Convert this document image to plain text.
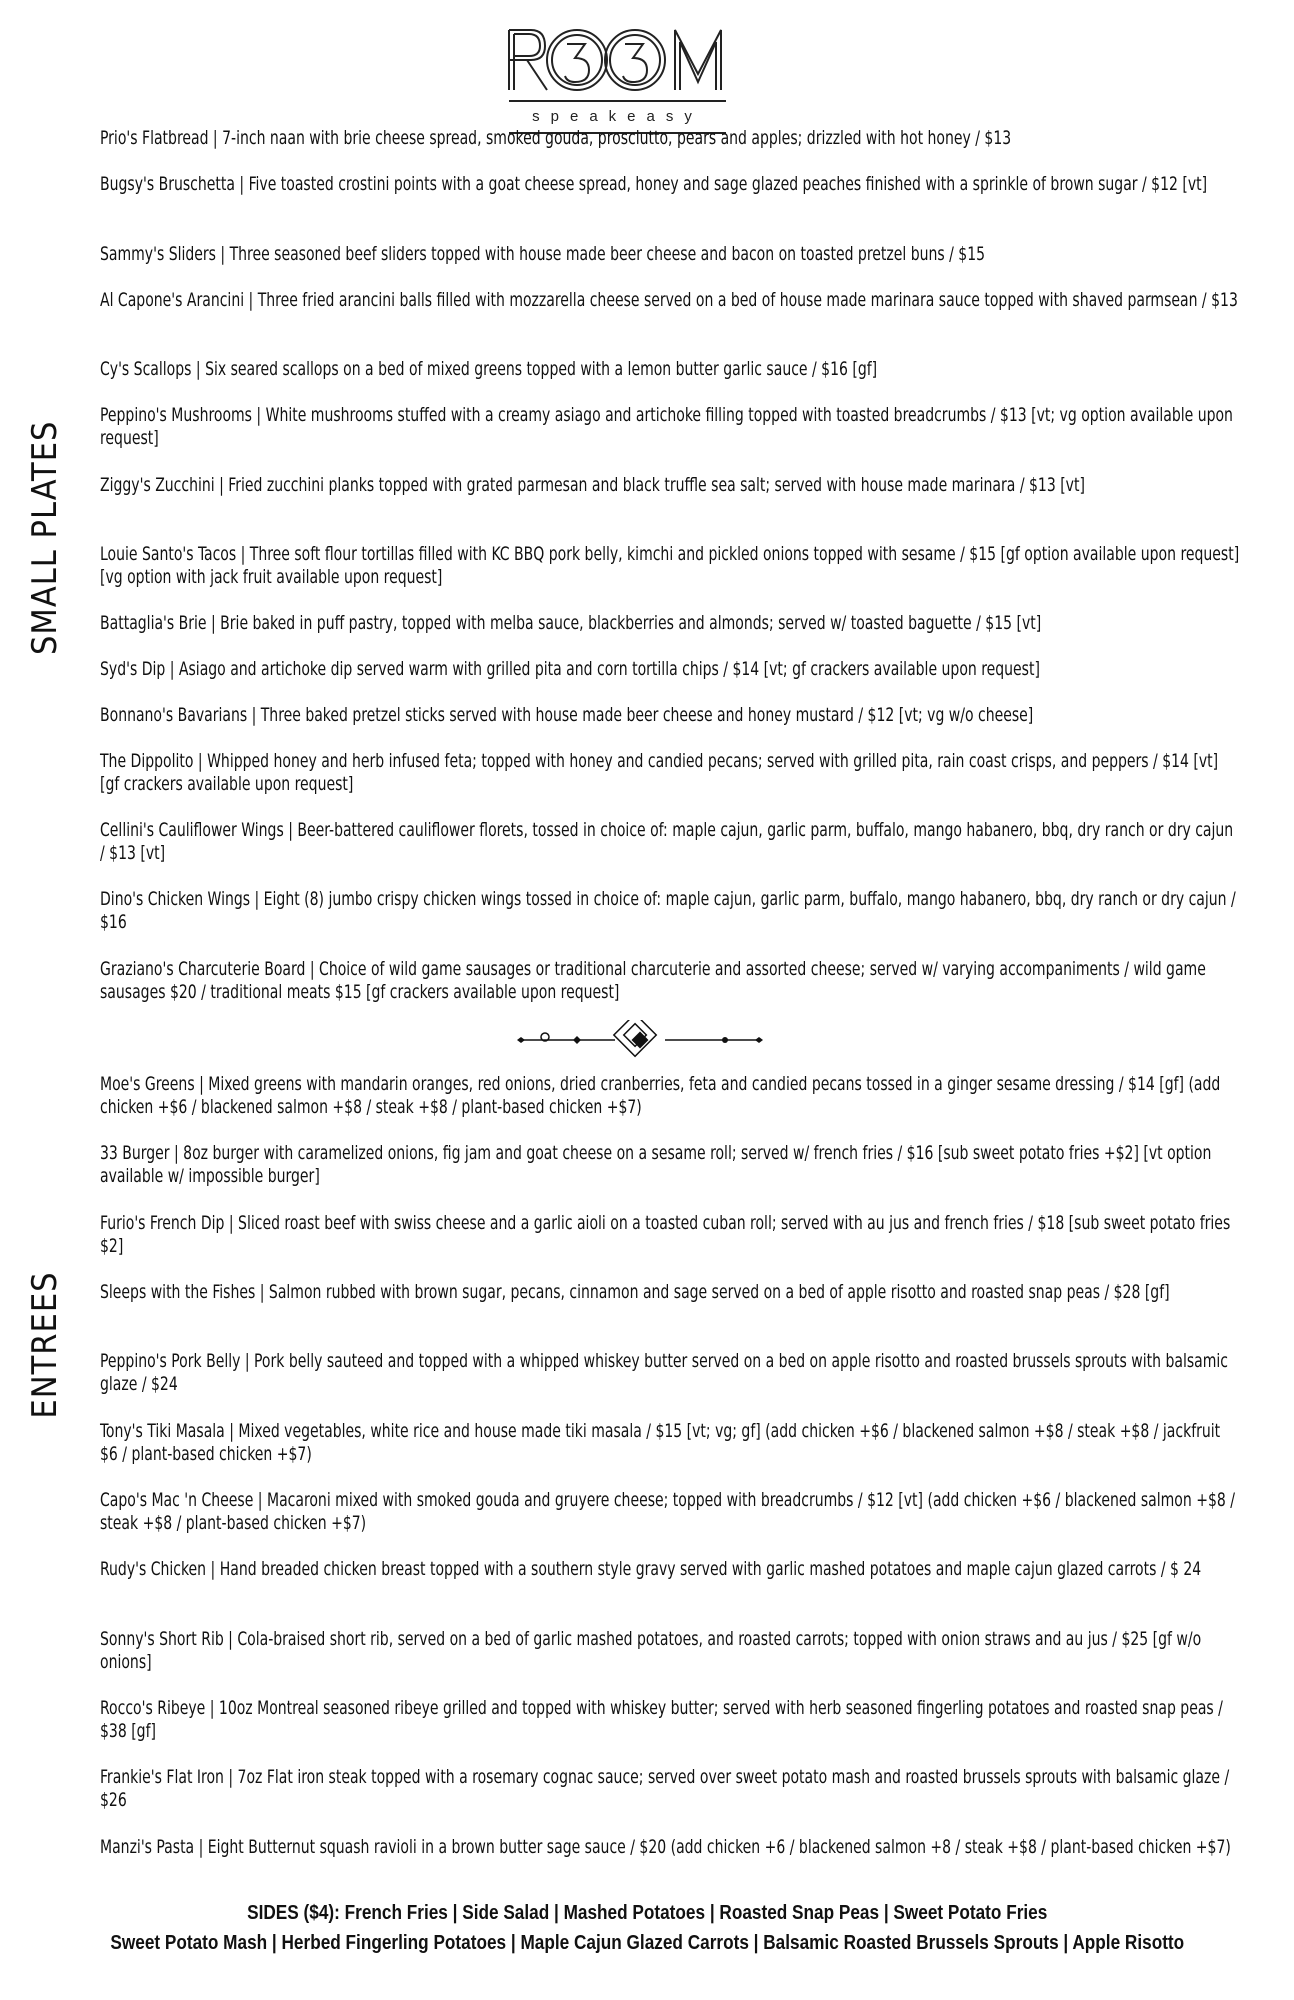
speakeasy
SMALL PLATES
ENTREES

Prio's Flatbread | 7-inch naan with brie cheese spread, smoked gouda, prosciutto, pears and apples; drizzled with hot honey / $13

Bugsy's Bruschetta | Five toasted crostini points with a goat cheese spread, honey and sage glazed peaches finished with a sprinkle of brown sugar / $12 [vt]

Sammy's Sliders | Three seasoned beef sliders topped with house made beer cheese and bacon on toasted pretzel buns / $15

Al Capone's Arancini | Three fried arancini balls filled with mozzarella cheese served on a bed of house made marinara sauce topped with shaved parmsean / $13

Cy's Scallops | Six seared scallops on a bed of mixed greens topped with a lemon butter garlic sauce / $16 [gf]

Peppino's Mushrooms | White mushrooms stuffed with a creamy asiago and artichoke filling topped with toasted breadcrumbs / $13 [vt; vg option available upon request]

Ziggy's Zucchini | Fried zucchini planks topped with grated parmesan and black truffle sea salt; served with house made marinara / $13 [vt]

Louie Santo's Tacos | Three soft flour tortillas filled with KC BBQ pork belly, kimchi and pickled onions topped with sesame / $15 [gf option available upon request] [vg option with jack fruit available upon request]

Battaglia's Brie | Brie baked in puff pastry, topped with melba sauce, blackberries and almonds; served w/ toasted baguette / $15 [vt]

Syd's Dip | Asiago and artichoke dip served warm with grilled pita and corn tortilla chips / $14 [vt; gf crackers available upon request]

Bonnano's Bavarians | Three baked pretzel sticks served with house made beer cheese and honey mustard / $12 [vt; vg w/o cheese]

The Dippolito | Whipped honey and herb infused feta; topped with honey and candied pecans; served with grilled pita, rain coast crisps, and peppers / $14 [vt] [gf crackers available upon request]

Cellini's Cauliflower Wings | Beer-battered cauliflower florets, tossed in choice of: maple cajun, garlic parm, buffalo, mango habanero, bbq, dry ranch or dry cajun / $13 [vt]

Dino's Chicken Wings | Eight (8) jumbo crispy chicken wings tossed in choice of: maple cajun, garlic parm, buffalo, mango habanero, bbq, dry ranch or dry cajun / $16

Graziano's Charcuterie Board | Choice of wild game sausages or traditional charcuterie and assorted cheese; served w/ varying accompaniments / wild game sausages $20 / traditional meats $15 [gf crackers available upon request]

Moe's Greens | Mixed greens with mandarin oranges, red onions, dried cranberries, feta and candied pecans tossed in a ginger sesame dressing / $14 [gf] (add chicken +$6 / blackened salmon +$8 / steak +$8 / plant-based chicken +$7)

33 Burger | 8oz burger with caramelized onions, fig jam and goat cheese on a sesame roll; served w/ french fries / $16 [sub sweet potato fries +$2] [vt option available w/ impossible burger]

Furio's French Dip | Sliced roast beef with swiss cheese and a garlic aioli on a toasted cuban roll; served with au jus and french fries / $18 [sub sweet potato fries $2]

Sleeps with the Fishes | Salmon rubbed with brown sugar, pecans, cinnamon and sage served on a bed of apple risotto and roasted snap peas / $28 [gf]

Peppino's Pork Belly | Pork belly sauteed and topped with a whipped whiskey butter served on a bed on apple risotto and roasted brussels sprouts with balsamic glaze / $24

Tony's Tiki Masala | Mixed vegetables, white rice and house made tiki masala / $15 [vt; vg; gf] (add chicken +$6 / blackened salmon +$8 / steak +$8 / jackfruit $6 / plant-based chicken +$7)

Capo's Mac 'n Cheese | Macaroni mixed with smoked gouda and gruyere cheese; topped with breadcrumbs / $12 [vt] (add chicken +$6 / blackened salmon +$8 / steak +$8 / plant-based chicken +$7)

Rudy's Chicken | Hand breaded chicken breast topped with a southern style gravy served with garlic mashed potatoes and maple cajun glazed carrots / $ 24

Sonny's Short Rib | Cola-braised short rib, served on a bed of garlic mashed potatoes, and roasted carrots; topped with onion straws and au jus / $25 [gf w/o onions]

Rocco's Ribeye | 10oz Montreal seasoned ribeye grilled and topped with whiskey butter; served with herb seasoned fingerling potatoes and roasted snap peas / $38 [gf]

Frankie's Flat Iron | 7oz Flat iron steak topped with a rosemary cognac sauce; served over sweet potato mash and roasted brussels sprouts with balsamic glaze / $26

Manzi's Pasta | Eight Butternut squash ravioli in a brown butter sage sauce / $20 (add chicken +6 / blackened salmon +8 / steak +$8 / plant-based chicken +$7)

SIDES ($4): French Fries | Side Salad | Mashed Potatoes | Roasted Snap Peas | Sweet Potato Fries
Sweet Potato Mash | Herbed Fingerling Potatoes | Maple Cajun Glazed Carrots | Balsamic Roasted Brussels Sprouts | Apple Risotto
